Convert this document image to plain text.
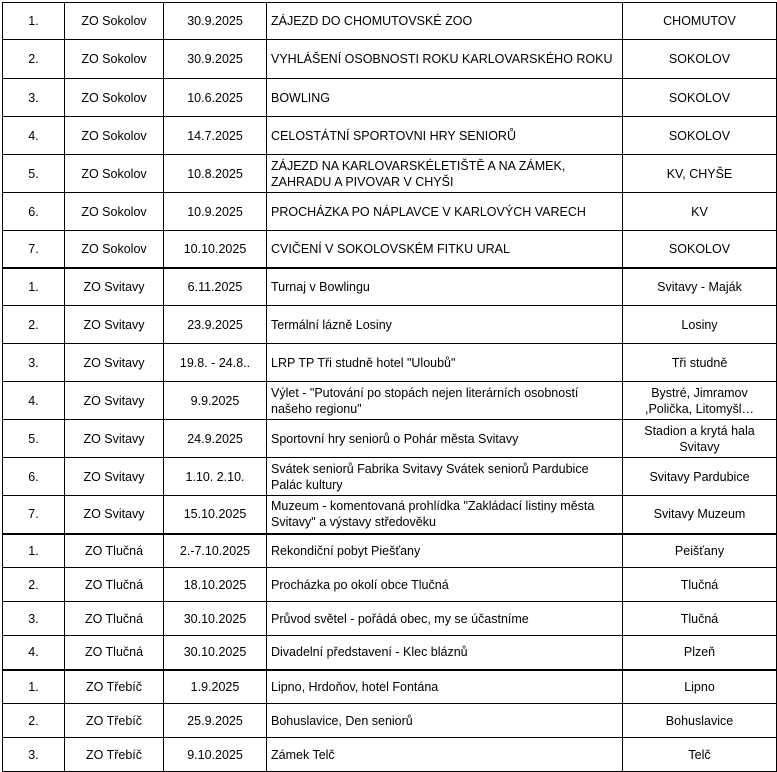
1.	ZO Sokolov	30.9.2025	ZÁJEZD DO CHOMUTOVSKÉ ZOO	CHOMUTOV
2.	ZO Sokolov	30.9.2025	VYHLÁŠENÍ OSOBNOSTI ROKU KARLOVARSKÉHO ROKU	SOKOLOV
3.	ZO Sokolov	10.6.2025	BOWLING	SOKOLOV
4.	ZO Sokolov	14.7.2025	CELOSTÁTNÍ SPORTOVNI HRY SENIORŮ	SOKOLOV
5.	ZO Sokolov	10.8.2025	ZÁJEZD NA KARLOVARSKÉLETIŠTĚ A NA ZÁMEK, ZAHRADU A PIVOVAR V CHYŠI	KV, CHYŠE
6.	ZO Sokolov	10.9.2025	PROCHÁZKA PO NÁPLAVCE V KARLOVÝCH VARECH	KV
7.	ZO Sokolov	10.10.2025	CVIČENÍ V SOKOLOVSKÉM FITKU URAL	SOKOLOV
1.	ZO Svitavy	6.11.2025	Turnaj v Bowlingu	Svitavy - Maják
2.	ZO Svitavy	23.9.2025	Termální lázně Losiny	Losiny
3.	ZO Svitavy	19.8. - 24.8..	LRP TP Tři studně hotel "Uloubů"	Tři studně
4.	ZO Svitavy	9.9.2025	Výlet - "Putování po stopách nejen literárních osobností našeho regionu"	Bystré, Jimramov ,Polička, Litomyšl…
5.	ZO Svitavy	24.9.2025	Sportovní hry seniorů o Pohár města Svitavy	Stadion a krytá hala Svitavy
6.	ZO Svitavy	1.10. 2.10.	Svátek seniorů Fabrika Svitavy Svátek seniorů Pardubice Palác kultury	Svitavy Pardubice
7.	ZO Svitavy	15.10.2025	Muzeum - komentovaná prohlídka "Zakládací listiny města Svitavy" a výstavy středověku	Svitavy Muzeum
1.	ZO Tlučná	2.-7.10.2025	Rekondiční pobyt Piešťany	Peišťany
2.	ZO Tlučná	18.10.2025	Procházka po okolí obce Tlučná	Tlučná
3.	ZO Tlučná	30.10.2025	Průvod světel - pořádá obec, my se účastníme	Tlučná
4.	ZO Tlučná	30.10.2025	Divadelní představení - Klec bláznů	Plzeň
1.	ZO Třebíč	1.9.2025	Lipno, Hrdoňov, hotel Fontána	Lipno
2.	ZO Třebíč	25.9.2025	Bohuslavice, Den seniorů	Bohuslavice
3.	ZO Třebíč	9.10.2025	Zámek Telč	Telč
